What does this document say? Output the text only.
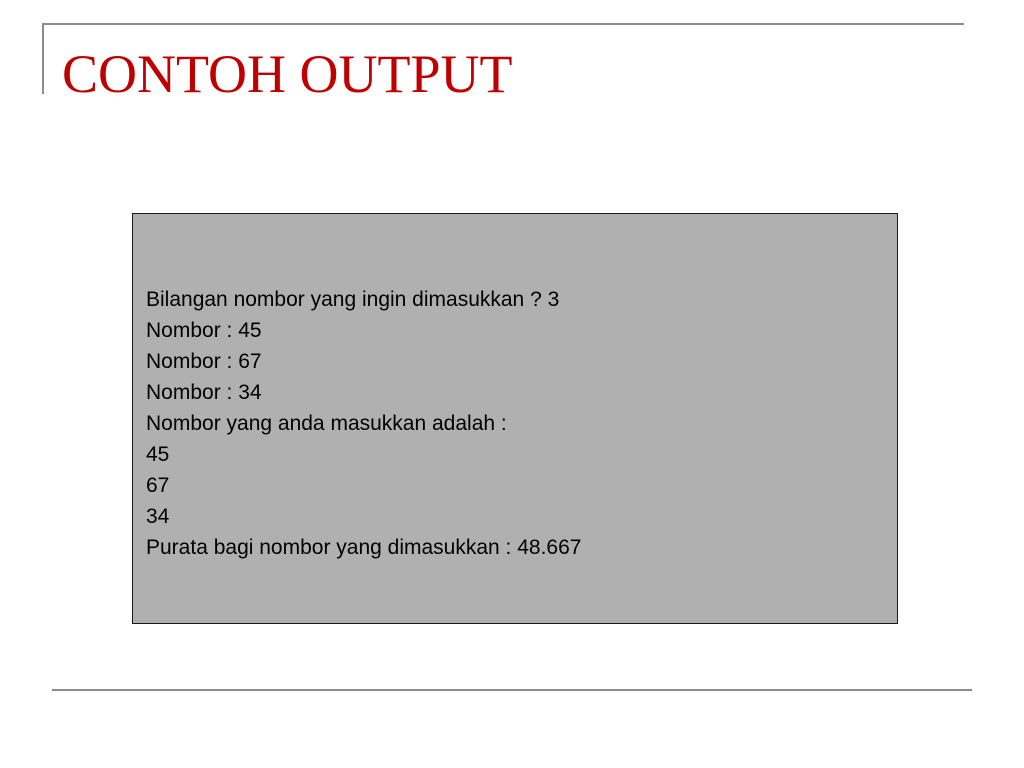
CONTOH OUTPUT
Bilangan nombor yang ingin dimasukkan ? 3
Nombor : 45
Nombor : 67
Nombor : 34
Nombor yang anda masukkan adalah :
45
67
34
Purata bagi nombor yang dimasukkan : 48.667
